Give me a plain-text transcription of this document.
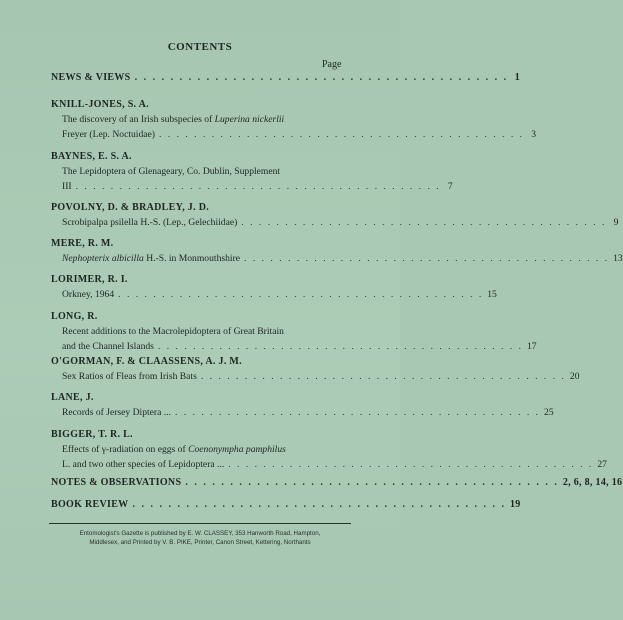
CONTENTS
Page
NEWS & VIEWS . . . . . . . . . . . . . . . . . . . . . . . . . . . . . . . . . . . . . . . . . . 1
KNILL-JONES, S. A.
The discovery of an Irish subspecies of Luperina nickerlii
Freyer (Lep. Noctuidae) . . . . . . . . . . . . . . . . . . . . . . . . . . . . . . . . . . . . . . . . . . 3
BAYNES, E. S. A.
The Lepidoptera of Glenageary, Co. Dublin, Supplement
III . . . . . . . . . . . . . . . . . . . . . . . . . . . . . . . . . . . . . . . . . . 7
POVOLNY, D. & BRADLEY, J. D.
Scrobipalpa psilella H.-S. (Lep., Gelechiidae) . . . . . . . . . . . . . . . . . . . . . . . . . . . . . . . . . . . . . . . . . . 9
MERE, R. M.
Nephopterix albicilla H.-S. in Monmouthshire . . . . . . . . . . . . . . . . . . . . . . . . . . . . . . . . . . . . . . . . . . 13
LORIMER, R. I.
Orkney, 1964 . . . . . . . . . . . . . . . . . . . . . . . . . . . . . . . . . . . . . . . . . . 15
LONG, R.
Recent additions to the Macrolepidoptera of Great Britain
and the Channel Islands . . . . . . . . . . . . . . . . . . . . . . . . . . . . . . . . . . . . . . . . . . 17
O'GORMAN, F. & CLAASSENS, A. J. M.
Sex Ratios of Fleas from Irish Bats . . . . . . . . . . . . . . . . . . . . . . . . . . . . . . . . . . . . . . . . . . 20
LANE, J.
Records of Jersey Diptera ... . . . . . . . . . . . . . . . . . . . . . . . . . . . . . . . . . . . . . . . . . . 25
BIGGER, T. R. L.
Effects of γ-radiation on eggs of Coenonympha pamphilus
L. and two other species of Lepidoptera ... . . . . . . . . . . . . . . . . . . . . . . . . . . . . . . . . . . . . . . . . . . 27
NOTES & OBSERVATIONS . . . . . . . . . . . . . . . . . . . . . . . . . . . . . . . . . . . . . . . . . . 2, 6, 8, 14, 16
BOOK REVIEW . . . . . . . . . . . . . . . . . . . . . . . . . . . . . . . . . . . . . . . . . . 19
Entomologist's Gazette is published by E. W. CLASSEY, 353 Hanworth Road, Hampton,
Middlesex, and Printed by V. B. PIKE, Printer, Canon Street, Kettering, Northants
